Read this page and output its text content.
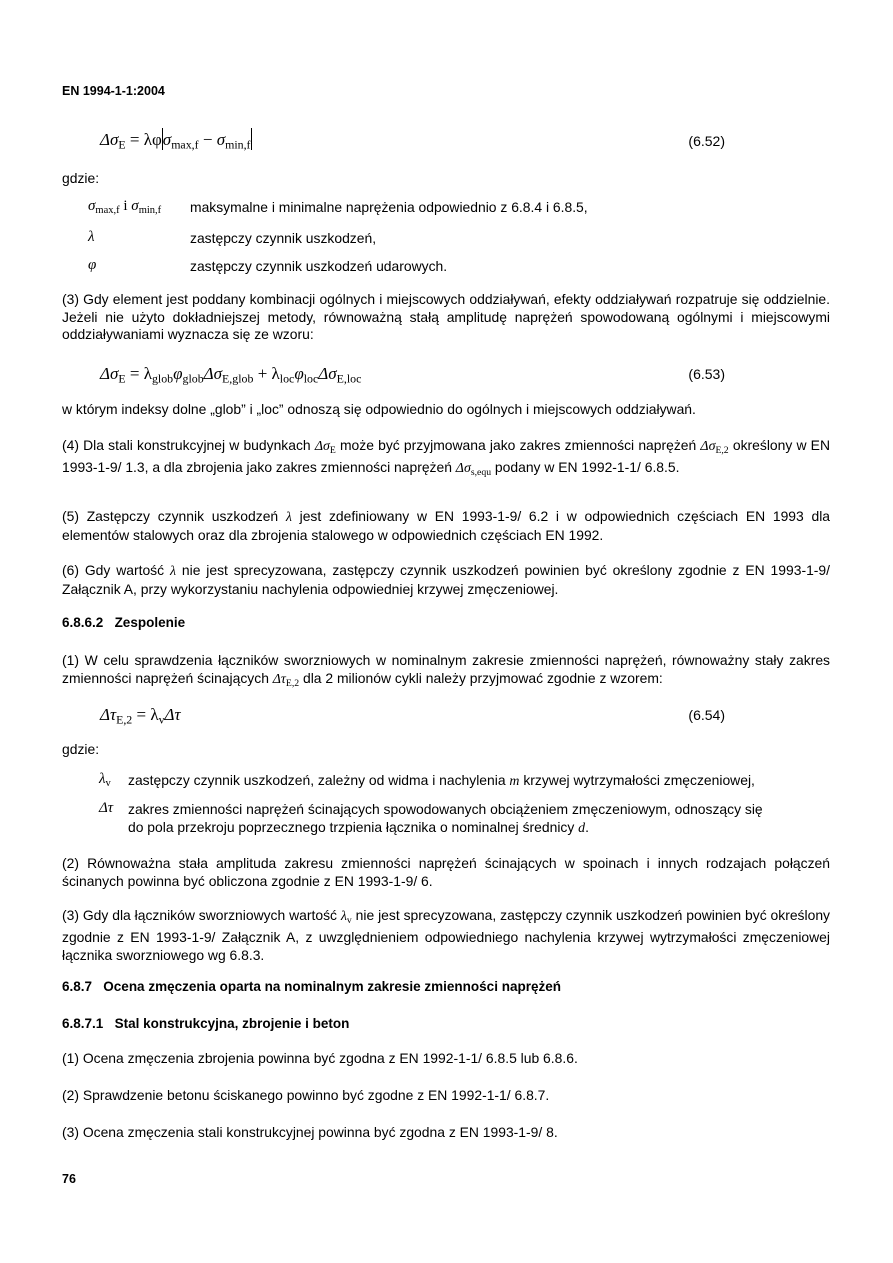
EN 1994-1-1:2004
$\Delta\sigma_E = \lambda\varphi\sigma_{max,f} - \sigma_{min,f}$	(6.52)
gdzie:
$\sigma_{max,f}$ i $\sigma_{min,f}$ maksymalne i minimalne naprężenia odpowiednio z 6.8.4 i 6.8.5,
λ	zastępczy czynnik uszkodzeń,
φ	zastępczy czynnik uszkodzeń udarowych.
(3) Gdy element jest poddany kombinacji ogólnych i miejscowych oddziaływań, efekty oddziaływań rozpatruje się oddzielnie. Jeżeli nie użyto dokładniejszej metody, równoważną stałą amplitudę naprężeń spowodowaną ogólnymi i miejscowymi oddziaływaniami wyznacza się ze wzoru:
$\Delta\sigma_E = \lambda_{glob}\varphi_{glob}\Delta\sigma_{E,glob} + \lambda_{loc}\varphi_{loc}\Delta\sigma_{E,loc}$	(6.53)
w którym indeksy dolne „glob” i „loc” odnoszą się odpowiednio do ogólnych i miejscowych oddziaływań.

(4) Dla stali konstrukcyjnej w budynkach $\Delta\sigma_E$ może być przyjmowana jako zakres zmienności naprężeń $\Delta\sigma_{E,2}$ określony w EN 1993-1-9/ 1.3, a dla zbrojenia jako zakres zmienności naprężeń $\Delta\sigma_{s,equ}$ podany w EN 1992-1-1/ 6.8.5.

(5) Zastępczy czynnik uszkodzeń λ jest zdefiniowany w EN 1993-1-9/ 6.2 i w odpowiednich częściach EN 1993 dla elementów stalowych oraz dla zbrojenia stalowego w odpowiednich częściach EN 1992.

(6) Gdy wartość λ nie jest sprecyzowana, zastępczy czynnik uszkodzeń powinien być określony zgodnie z EN 1993-1-9/ Załącznik A, przy wykorzystaniu nachylenia odpowiedniej krzywej zmęczeniowej.

6.8.6.2 Zespolenie

(1) W celu sprawdzenia łączników sworzniowych w nominalnym zakresie zmienności naprężeń, równoważny stały zakres zmienności naprężeń ścinających $\Delta\tau_{E,2}$ dla 2 milionów cykli należy przyjmować zgodnie z wzorem:

$\Delta\tau_{E,2} = \lambda_v\Delta\tau$	(6.54)
gdzie:
$\lambda_v$ zastępczy czynnik uszkodzeń, zależny od widma i nachylenia m krzywej wytrzymałości zmęczeniowej,
Δτ zakres zmienności naprężeń ścinających spowodowanych obciążeniem zmęczeniowym, odnoszący się do pola przekroju poprzecznego trzpienia łącznika o nominalnej średnicy d.
(2) Równoważna stała amplituda zakresu zmienności naprężeń ścinających w spoinach i innych rodzajach połączeń ścinanych powinna być obliczona zgodnie z EN 1993-1-9/ 6.

(3) Gdy dla łączników sworzniowych wartość $\lambda_v$ nie jest sprecyzowana, zastępczy czynnik uszkodzeń powinien być określony zgodnie z EN 1993-1-9/ Załącznik A, z uwzględnieniem odpowiedniego nachylenia krzywej wytrzymałości zmęczeniowej łącznika sworzniowego wg 6.8.3.

6.8.7 Ocena zmęczenia oparta na nominalnym zakresie zmienności naprężeń
6.8.7.1 Stal konstrukcyjna, zbrojenie i beton
(1) Ocena zmęczenia zbrojenia powinna być zgodna z EN 1992-1-1/ 6.8.5 lub 6.8.6.
(2) Sprawdzenie betonu ściskanego powinno być zgodne z EN 1992-1-1/ 6.8.7.
(3) Ocena zmęczenia stali konstrukcyjnej powinna być zgodna z EN 1993-1-9/ 8.
76
